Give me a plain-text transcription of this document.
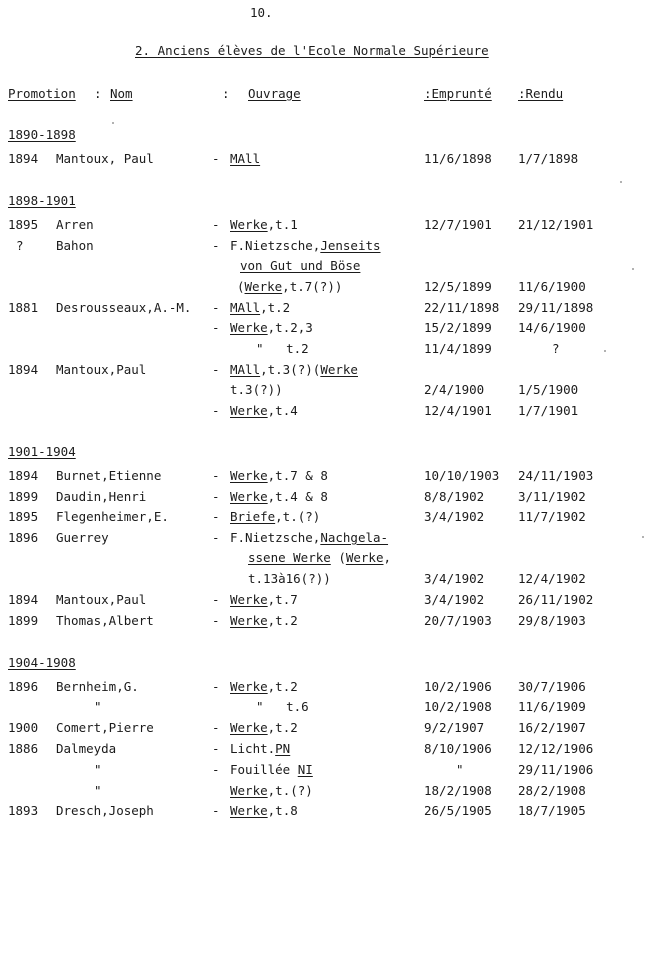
10.
2. Anciens élèves de l'Ecole Normale Supérieure
Promotion : Nom	: Ouvrage	:Emprunté :Rendu
1890-1898
1898-1901
1901-1904
1904-1908
1894 Mantoux, Paul	- MAll	11/6/1898 1/7/1898
1895 Arren	- Werke,t.1	12/7/1901 21/12/1901
?	Bahon	- F.Nietzsche,Jenseits
von Gut und Böse
(Werke,t.7(?))	12/5/1899 11/6/1900
1881 Desrousseaux,A.-M. - MAll,t.2	22/11/1898 29/11/1898
- Werke,t.2,3	15/2/1899 14/6/1900
"   t.2	11/4/1899	?
1894 Mantoux,Paul	- MAll,t.3(?)(Werke
t.3(?))	2/4/1900	1/5/1900
- Werke,t.4	12/4/1901 1/7/1901
1894 Burnet,Etienne	- Werke,t.7 & 8	10/10/1903 24/11/1903
1899 Daudin,Henri	- Werke,t.4 & 8	8/8/1902	3/11/1902
1895 Flegenheimer,E.	- Briefe,t.(?)	3/4/1902	11/7/1902
1896 Guerrey	- F.Nietzsche,Nachgela-
ssene Werke (Werke,
t.13à16(?))	3/4/1902	12/4/1902
1894 Mantoux,Paul	- Werke,t.7	3/4/1902	26/11/1902
1899 Thomas,Albert	- Werke,t.2	20/7/1903 29/8/1903
1896 Bernheim,G.	- Werke,t.2	10/2/1906 30/7/1906
"	"   t.6	10/2/1908 11/6/1909
1900 Comert,Pierre	- Werke,t.2	9/2/1907	16/2/1907
1886 Dalmeyda	- Licht.PN	8/10/1906 12/12/1906
"	- Fouillée NI	"	29/11/1906
"	Werke,t.(?)	18/2/1908 28/2/1908
1893 Dresch,Joseph	- Werke,t.8	26/5/1905 18/7/1905
